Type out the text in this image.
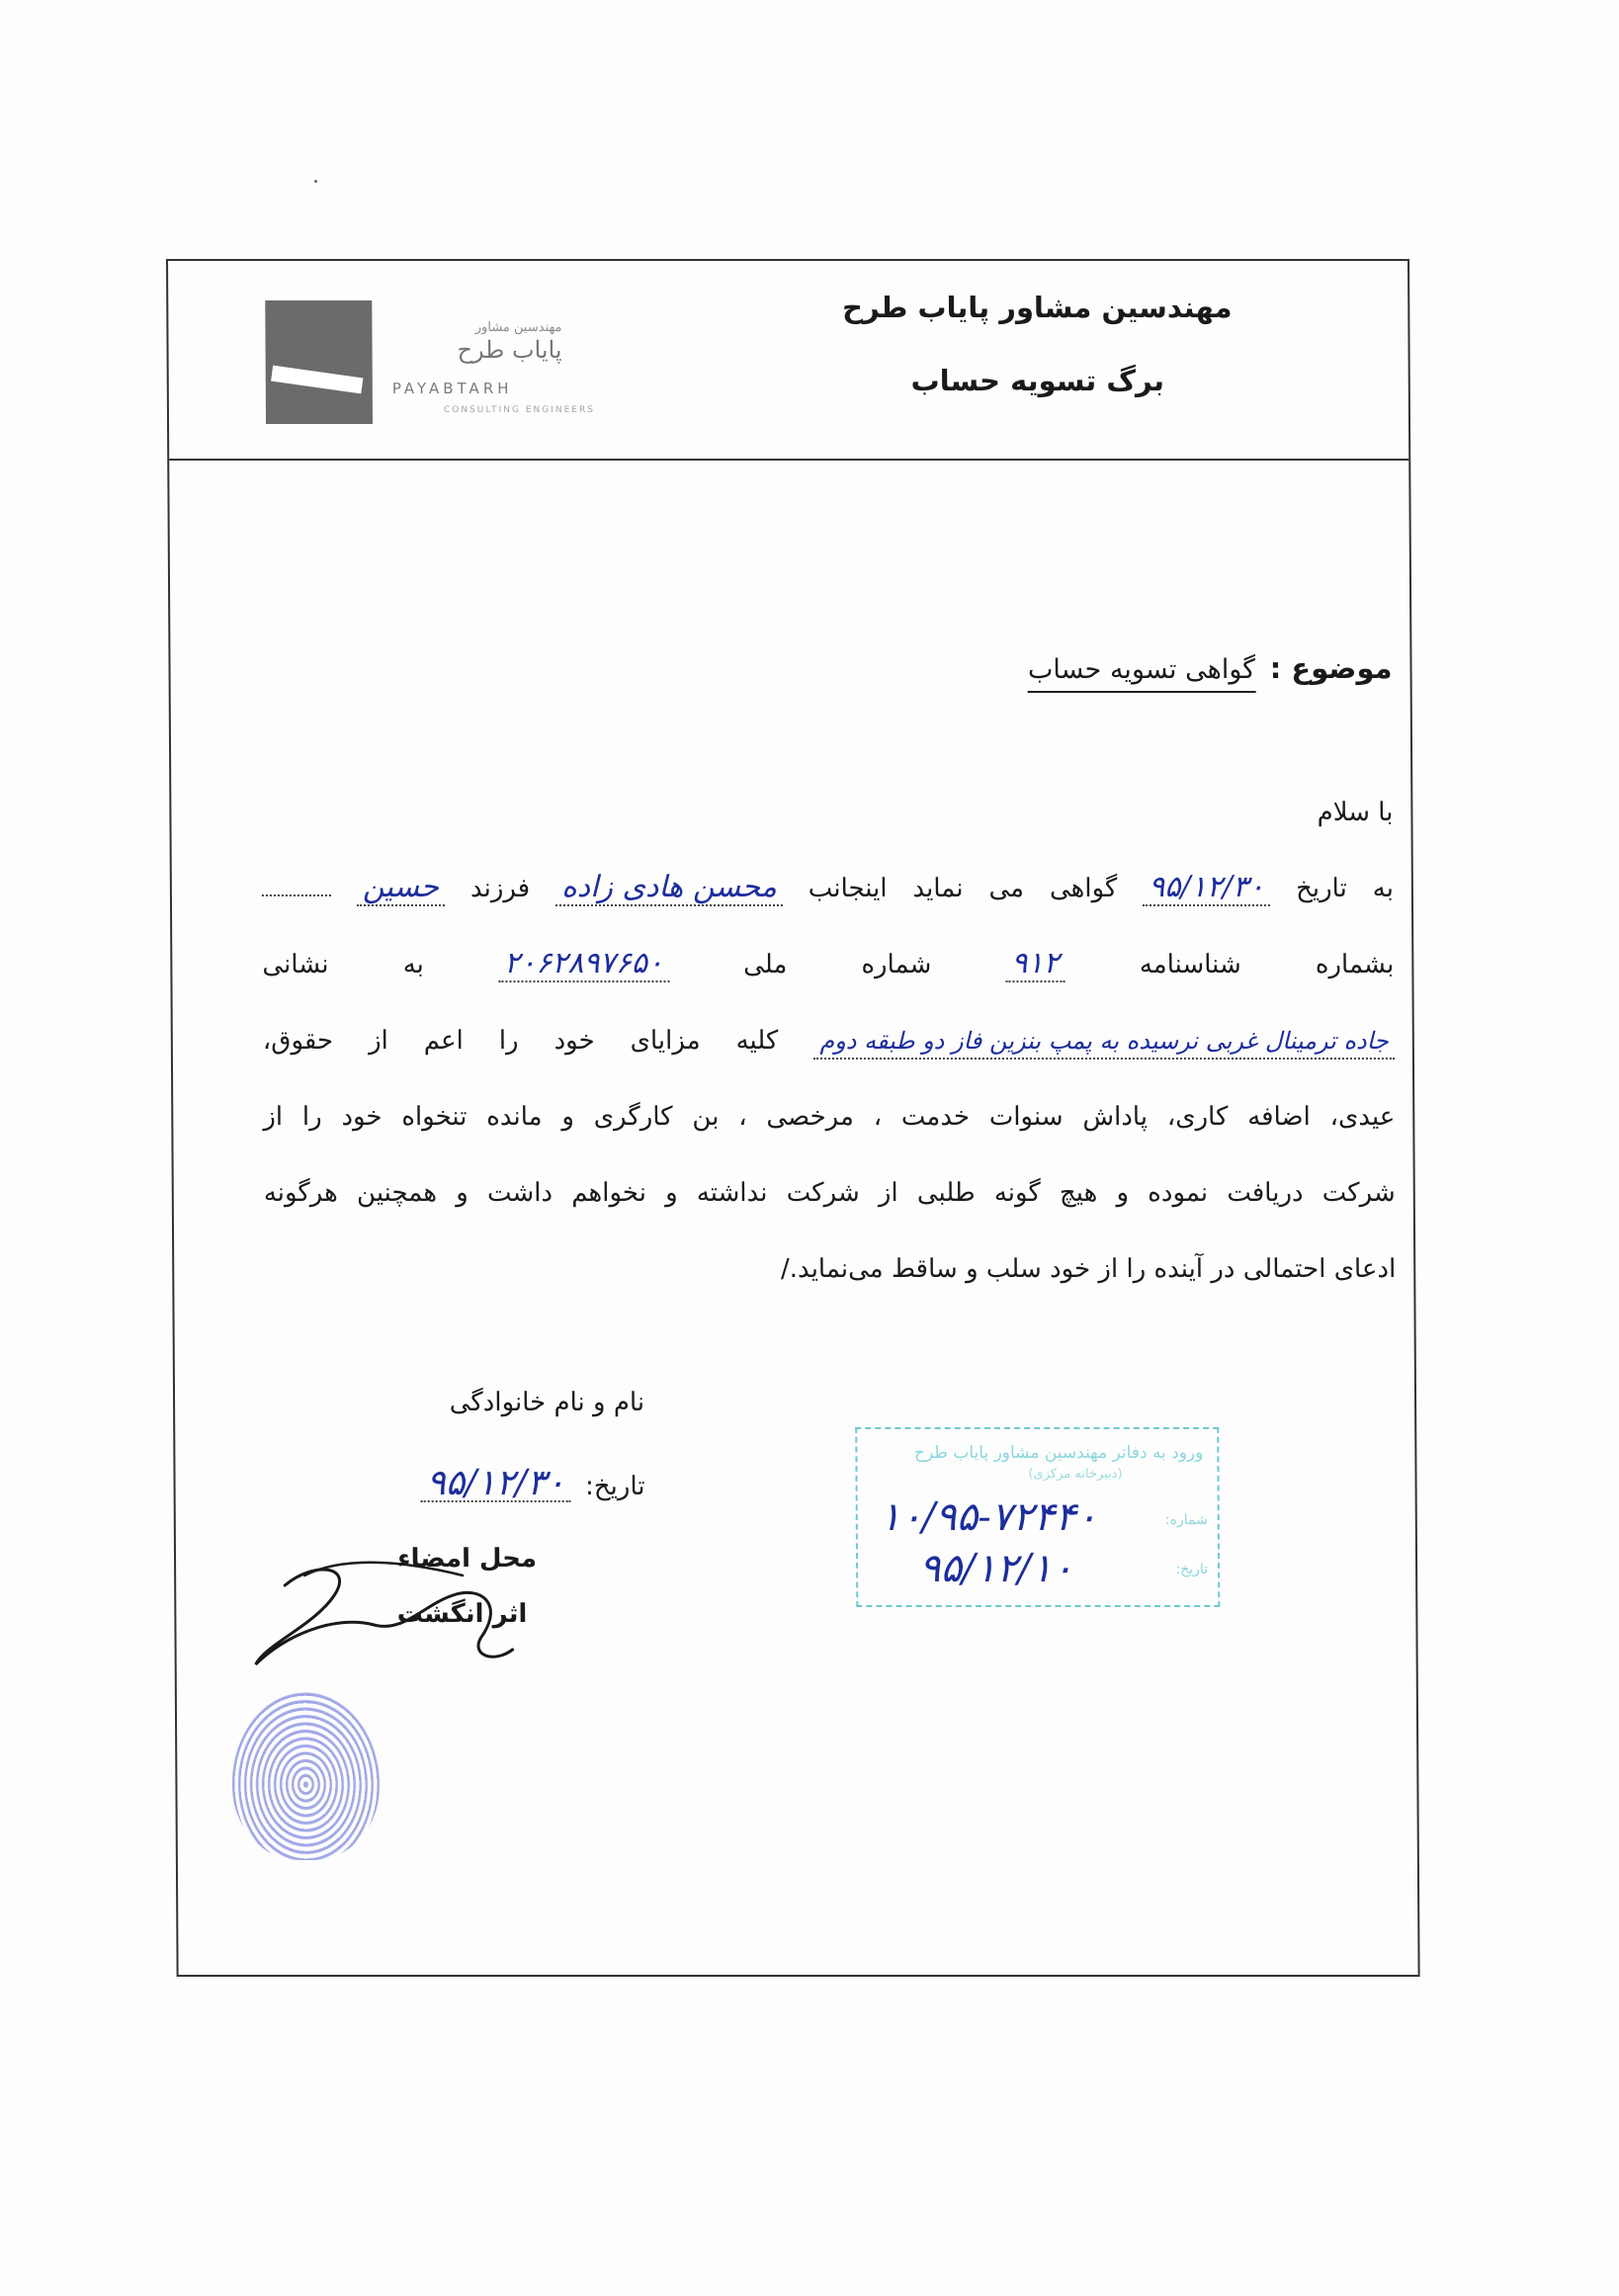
مهندسین مشاور
پایاب طرح
PAYABTARH
CONSULTING ENGINEERS
مهندسین مشاور پایاب طرح
برگ تسویه حساب
موضوع : گواهی تسویه حساب
با سلام
به تاریخ ۹۵/۱۲/۳۰ گواهی می نماید اینجانب محسن هادی زاده فرزند حسین
بشماره شناسنامه ۹۱۲ شماره ملی ۲۰۶۲۸۹۷۶۵۰ به نشانی
جاده ترمینال غربی نرسیده به پمپ بنزین فاز دو طبقه دوم کلیه مزایای خود را اعم از حقوق،
عیدی، اضافه کاری، پاداش سنوات خدمت ، مرخصی ، بن کارگری و مانده تنخواه خود را از
شرکت دریافت نموده و هیچ گونه طلبی از شرکت نداشته و نخواهم داشت و همچنین هرگونه
ادعای احتمالی در آینده را از خود سلب و ساقط می‌نماید./
نام و نام خانوادگی
تاریخ: ۹۵/۱۲/۳۰
محل امضاء
اثر انگشت
ورود به دفاتر مهندسین مشاور پایاب طرح
(دبیرخانه مرکزی)
شماره:
تاریخ:
۱۰/۹۵-۷۲۴۴۰
۹۵/۱۲/۱۰
